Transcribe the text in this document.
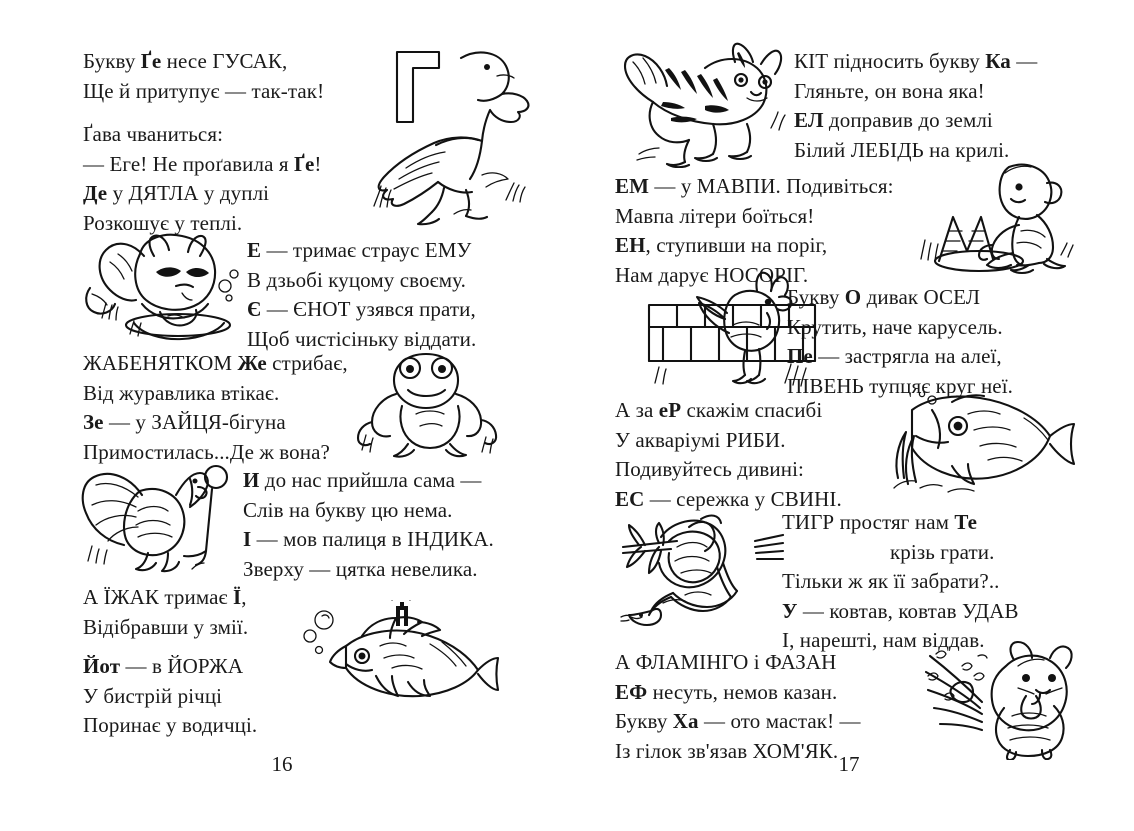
Букву Ґе несе ГУСАК,
Ще й притупує — так-так!
Ґава чваниться:
— Еге! Не проґавила я Ґе!
Де у ДЯТЛА у дуплі
Розкошує у теплі.
Е — тримає страус ЕМУ
В дзьобі куцому своєму.
Є — ЄНОТ узявся прати,
Щоб чистісіньку віддати.
ЖАБЕНЯТКОМ Же стрибає,
Від журавлика втікає.
Зе — у ЗАЙЦЯ-бігуна
Примостилась...Де ж вона?
И до нас прийшла сама —
Слів на букву цю нема.
І — мов палиця в ІНДИКА.
Зверху — цятка невелика.
А ЇЖАК тримає Ї,
Відібравши у змії.
Йот — в ЙОРЖА
У бистрій річці
Поринає у водичці.
16
КІТ підносить букву Ка —
Гляньте, он вона яка!
ЕЛ доправив до землі
Білий ЛЕБІДЬ на крилі.
ЕМ — у МАВПИ. Подивіться:
Мавпа літери боїться!
ЕН, ступивши на поріг,
Нам дарує НОСОРІГ.
Букву О дивак ОСЕЛ
Крутить, наче карусель.
Пе — застрягла на алеї,
ПІВЕНЬ тупцяє круг неї.
А за еР скажім спасибі
У акваріумі РИБИ.
Подивуйтесь дивині:
ЕС — сережка у СВИНІ.
ТИГР простяг нам Те
крізь грати.
Тільки ж як її забрати?..
У — ковтав, ковтав УДАВ
І, нарешті, нам віддав.
А ФЛАМІНГО і ФАЗАН
ЕФ несуть, немов казан.
Букву Ха — ото мастак! —
Із гілок зв'язав ХОМ'ЯК.
17
